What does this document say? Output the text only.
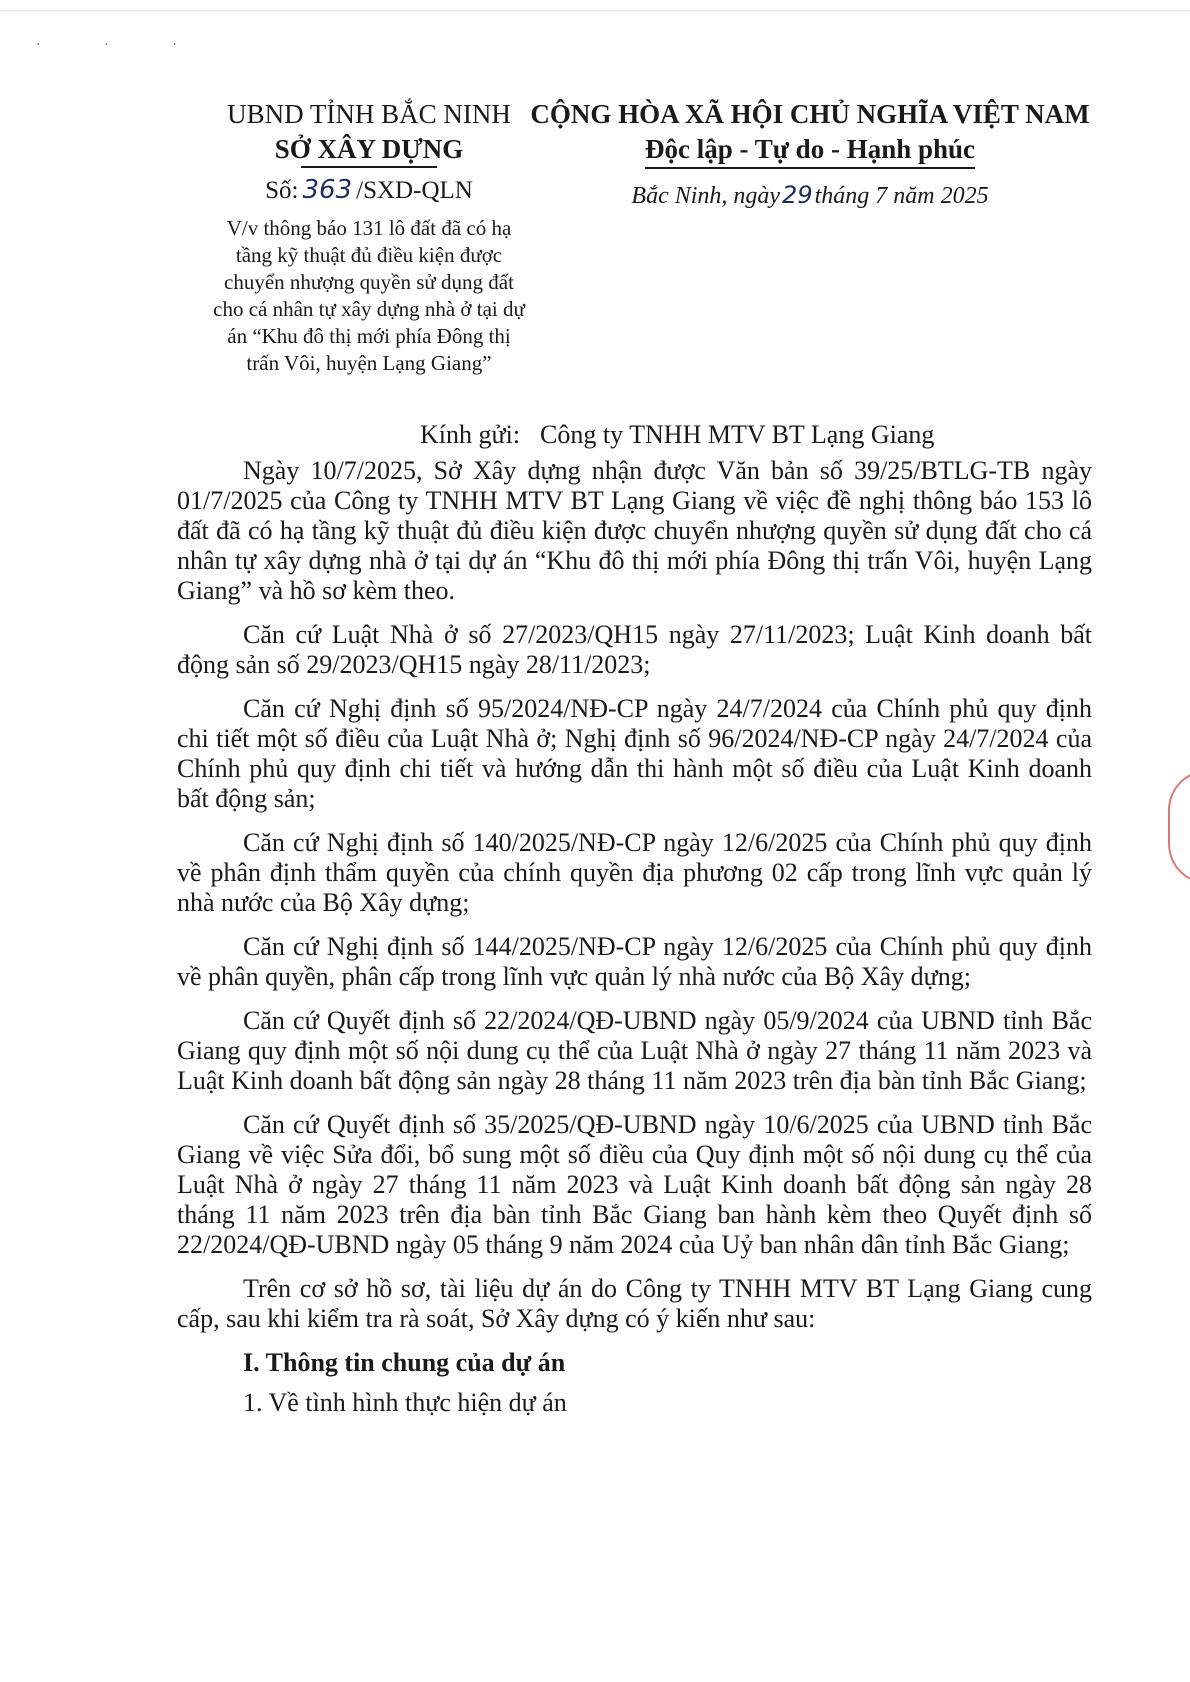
· · ·
UBND TỈNH BẮC NINH
SỞ XÂY DỰNG
Số: 363 /SXD-QLN
V/v thông báo 131 lô đất đã có hạ tầng kỹ thuật đủ điều kiện được chuyển nhượng quyền sử dụng đất cho cá nhân tự xây dựng nhà ở tại dự án “Khu đô thị mới phía Đông thị trấn Vôi, huyện Lạng Giang”
CỘNG HÒA XÃ HỘI CHỦ NGHĨA VIỆT NAM
Độc lập - Tự do - Hạnh phúc
Bắc Ninh, ngày29tháng 7 năm 2025
Kính gửi: Công ty TNHH MTV BT Lạng Giang

Ngày 10/7/2025, Sở Xây dựng nhận được Văn bản số 39/25/BTLG-TB ngày 01/7/2025 của Công ty TNHH MTV BT Lạng Giang về việc đề nghị thông báo 153 lô đất đã có hạ tầng kỹ thuật đủ điều kiện được chuyển nhượng quyền sử dụng đất cho cá nhân tự xây dựng nhà ở tại dự án “Khu đô thị mới phía Đông thị trấn Vôi, huyện Lạng Giang” và hồ sơ kèm theo.

Căn cứ Luật Nhà ở số 27/2023/QH15 ngày 27/11/2023; Luật Kinh doanh bất động sản số 29/2023/QH15 ngày 28/11/2023;

Căn cứ Nghị định số 95/2024/NĐ-CP ngày 24/7/2024 của Chính phủ quy định chi tiết một số điều của Luật Nhà ở; Nghị định số 96/2024/NĐ-CP ngày 24/7/2024 của Chính phủ quy định chi tiết và hướng dẫn thi hành một số điều của Luật Kinh doanh bất động sản;

Căn cứ Nghị định số 140/2025/NĐ-CP ngày 12/6/2025 của Chính phủ quy định về phân định thẩm quyền của chính quyền địa phương 02 cấp trong lĩnh vực quản lý nhà nước của Bộ Xây dựng;

Căn cứ Nghị định số 144/2025/NĐ-CP ngày 12/6/2025 của Chính phủ quy định về phân quyền, phân cấp trong lĩnh vực quản lý nhà nước của Bộ Xây dựng;

Căn cứ Quyết định số 22/2024/QĐ-UBND ngày 05/9/2024 của UBND tỉnh Bắc Giang quy định một số nội dung cụ thể của Luật Nhà ở ngày 27 tháng 11 năm 2023 và Luật Kinh doanh bất động sản ngày 28 tháng 11 năm 2023 trên địa bàn tỉnh Bắc Giang;

Căn cứ Quyết định số 35/2025/QĐ-UBND ngày 10/6/2025 của UBND tỉnh Bắc Giang về việc Sửa đổi, bổ sung một số điều của Quy định một số nội dung cụ thể của Luật Nhà ở ngày 27 tháng 11 năm 2023 và Luật Kinh doanh bất động sản ngày 28 tháng 11 năm 2023 trên địa bàn tỉnh Bắc Giang ban hành kèm theo Quyết định số 22/2024/QĐ-UBND ngày 05 tháng 9 năm 2024 của Uỷ ban nhân dân tỉnh Bắc Giang;

Trên cơ sở hồ sơ, tài liệu dự án do Công ty TNHH MTV BT Lạng Giang cung cấp, sau khi kiểm tra rà soát, Sở Xây dựng có ý kiến như sau:

I. Thông tin chung của dự án
1. Về tình hình thực hiện dự án
